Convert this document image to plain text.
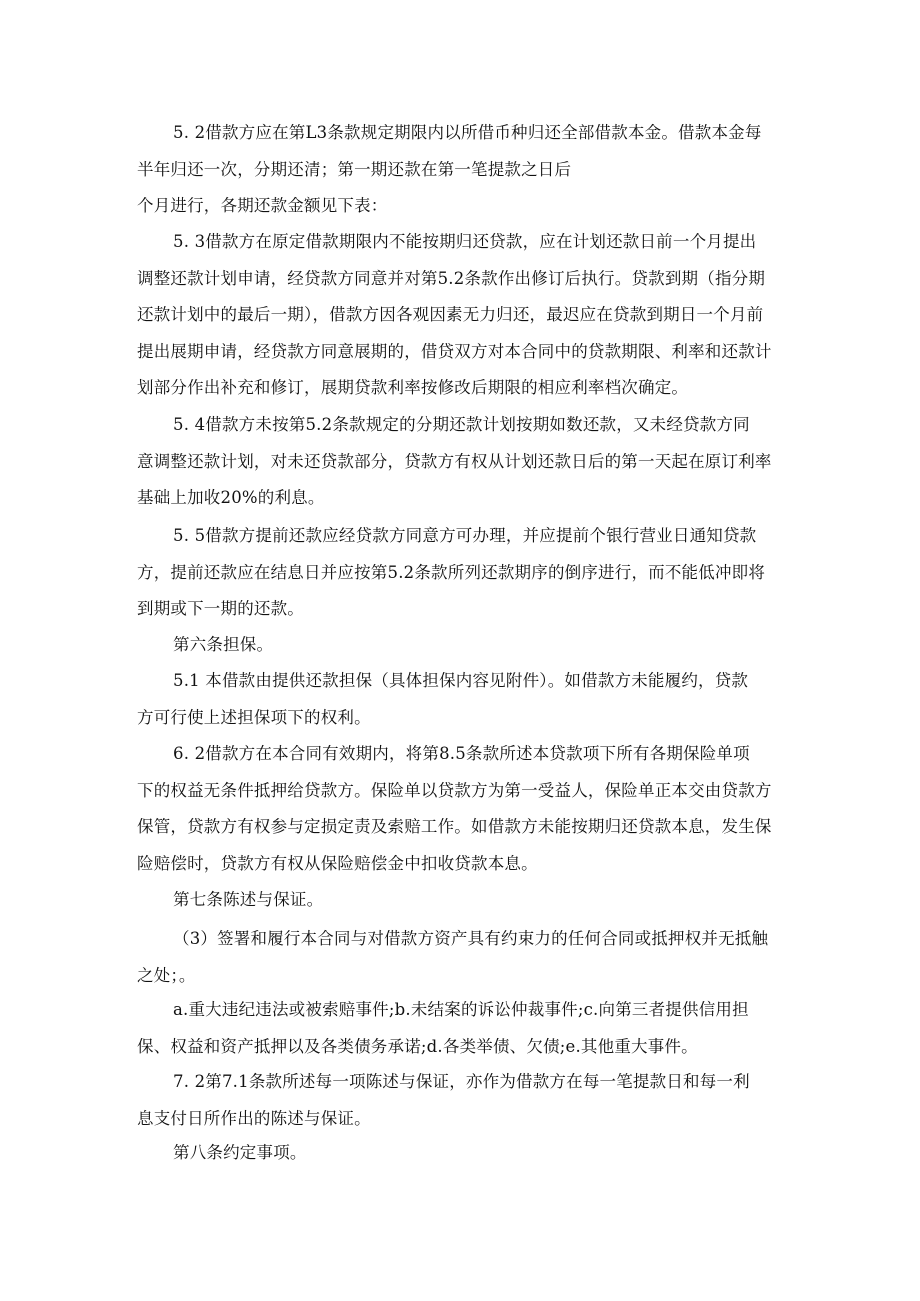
5. 2借款方应在第L3条款规定期限内以所借币种归还全部借款本金。借款本金每
半年归还一次，分期还清；第一期还款在第一笔提款之日后
个月进行，各期还款金额见下表：
5. 3借款方在原定借款期限内不能按期归还贷款，应在计划还款日前一个月提出
调整还款计划申请，经贷款方同意并对第5.2条款作出修订后执行。贷款到期（指分期
还款计划中的最后一期），借款方因各观因素无力归还，最迟应在贷款到期日一个月前
提出展期申请，经贷款方同意展期的，借贷双方对本合同中的贷款期限、利率和还款计
划部分作出补充和修订，展期贷款利率按修改后期限的相应利率档次确定。
5. 4借款方未按第5.2条款规定的分期还款计划按期如数还款，又未经贷款方同
意调整还款计划，对未还贷款部分，贷款方有权从计划还款日后的第一天起在原订利率
基础上加收20%的利息。
5. 5借款方提前还款应经贷款方同意方可办理，并应提前个银行营业日通知贷款
方，提前还款应在结息日并应按第5.2条款所列还款期序的倒序进行，而不能低冲即将
到期或下一期的还款。
第六条担保。
5.1 本借款由提供还款担保（具体担保内容见附件）。如借款方未能履约，贷款
方可行使上述担保项下的权利。
6. 2借款方在本合同有效期内，将第8.5条款所述本贷款项下所有各期保险单项
下的权益无条件抵押给贷款方。保险单以贷款方为第一受益人，保险单正本交由贷款方
保管，贷款方有权参与定损定责及索赔工作。如借款方未能按期归还贷款本息，发生保
险赔偿时，贷款方有权从保险赔偿金中扣收贷款本息。
第七条陈述与保证。
（3）签署和履行本合同与对借款方资产具有约束力的任何合同或抵押权并无抵触
之处；。
a.重大违纪违法或被索赔事件;b.未结案的诉讼仲裁事件;c.向第三者提供信用担
保、权益和资产抵押以及各类债务承诺;d.各类举债、欠债;e.其他重大事件。
7. 2第7.1条款所述每一项陈述与保证，亦作为借款方在每一笔提款日和每一利
息支付日所作出的陈述与保证。
第八条约定事项。
